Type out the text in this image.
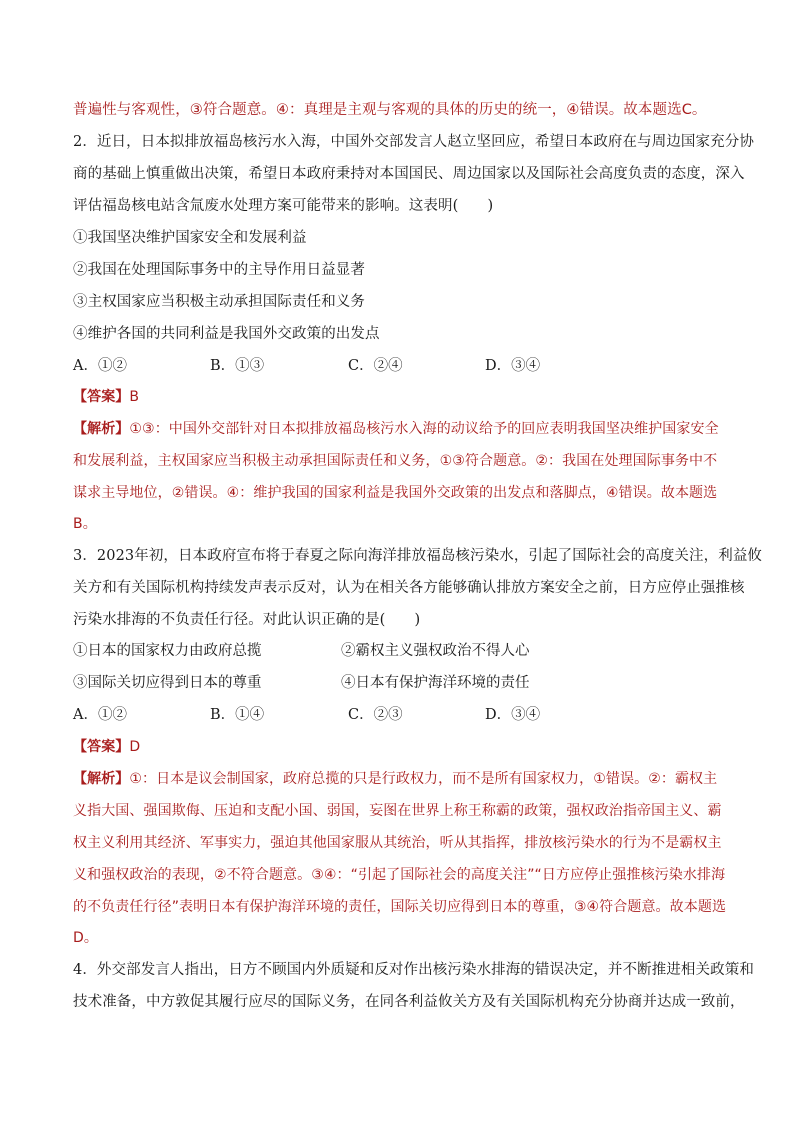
普遍性与客观性，③符合题意。④：真理是主观与客观的具体的历史的统一，④错误。故本题选C。
2．近日，日本拟排放福岛核污水入海，中国外交部发言人赵立坚回应，希望日本政府在与周边国家充分协
商的基础上慎重做出决策，希望日本政府秉持对本国国民、周边国家以及国际社会高度负责的态度，深入
评估福岛核电站含氚废水处理方案可能带来的影响。这表明(　　)
①我国坚决维护国家安全和发展利益
②我国在处理国际事务中的主导作用日益显著
③主权国家应当积极主动承担国际责任和义务
④维护各国的共同利益是我国外交政策的出发点
A．①②	B．①③	C．②④	D．③④
【答案】B
【解析】①③：中国外交部针对日本拟排放福岛核污水入海的动议给予的回应表明我国坚决维护国家安全
和发展利益，主权国家应当积极主动承担国际责任和义务，①③符合题意。②：我国在处理国际事务中不
谋求主导地位，②错误。④：维护我国的国家利益是我国外交政策的出发点和落脚点，④错误。故本题选
B。
3．2023年初，日本政府宣布将于春夏之际向海洋排放福岛核污染水，引起了国际社会的高度关注，利益攸
关方和有关国际机构持续发声表示反对，认为在相关各方能够确认排放方案安全之前，日方应停止强推核
污染水排海的不负责任行径。对此认识正确的是(　　)
①日本的国家权力由政府总揽	②霸权主义强权政治不得人心
③国际关切应得到日本的尊重	④日本有保护海洋环境的责任
A．①②	B．①④	C．②③	D．③④
【答案】D
【解析】①：日本是议会制国家，政府总揽的只是行政权力，而不是所有国家权力，①错误。②：霸权主
义指大国、强国欺侮、压迫和支配小国、弱国，妄图在世界上称王称霸的政策，强权政治指帝国主义、霸
权主义利用其经济、军事实力，强迫其他国家服从其统治，听从其指挥，排放核污染水的行为不是霸权主
义和强权政治的表现，②不符合题意。③④：“引起了国际社会的高度关注”“日方应停止强推核污染水排海
的不负责任行径”表明日本有保护海洋环境的责任，国际关切应得到日本的尊重，③④符合题意。故本题选
D。
4．外交部发言人指出，日方不顾国内外质疑和反对作出核污染水排海的错误决定，并不断推进相关政策和
技术准备，中方敦促其履行应尽的国际义务，在同各利益攸关方及有关国际机构充分协商并达成一致前，
